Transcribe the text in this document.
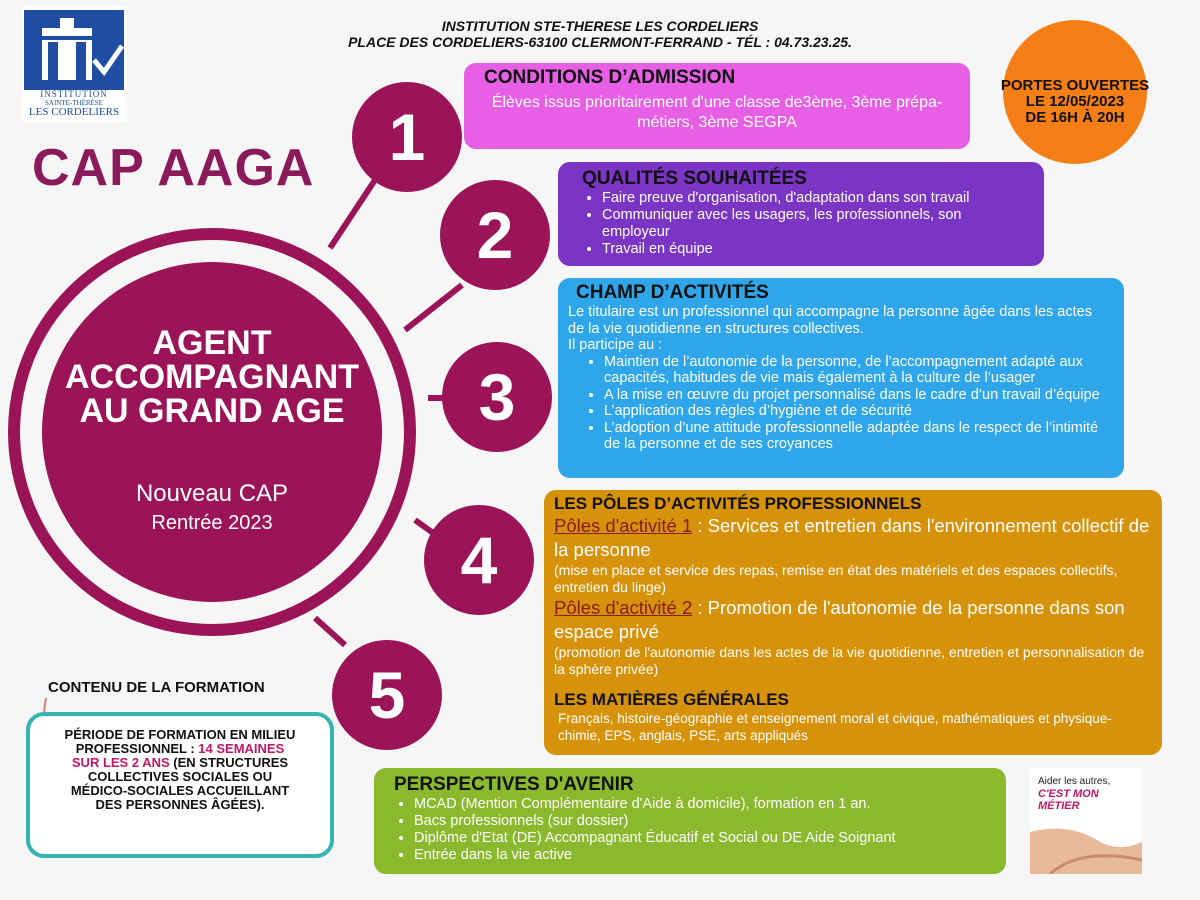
INSTITUTION STE-THERESE LES CORDELIERS
PLACE DES CORDELIERS-63100 CLERMONT-FERRAND - TÉL : 04.73.23.25.
INSTITUTION
SAINTE-THÉRÈSE
LES CORDELIERS
CAP AAGA
AGENT
ACCOMPAGNANT
AU GRAND AGE
Nouveau CAP
Rentrée 2023
1
2
3
4
5
CONDITIONS D’ADMISSION

Élèves issus prioritairement d'une classe de3ème, 3ème prépa-métiers, 3ème SEGPA

QUALITÉS SOUHAITÉES
• Faire preuve d'organisation, d'adaptation dans son travail
• Communiquer avec les usagers, les professionnels, son employeur
• Travail en équipe
CHAMP D’ACTIVITÉS

Le titulaire est un professionnel qui accompagne la personne âgée dans les actes de la vie quotidienne en structures collectives.

Il participe au :

• Maintien de l’autonomie de la personne, de l’accompagnement adapté aux capacités, habitudes de vie mais également à la culture de l’usager
• A la mise en œuvre du projet personnalisé dans le cadre d’un travail d’équipe
• L’application des règles d’hygiène et de sécurité
• L’adoption d’une attitude professionnelle adaptée dans le respect de l’intimité de la personne et de ses croyances
LES PÔLES D’ACTIVITÉS PROFESSIONNELS

Pôles d'activité 1 : Services et entretien dans l'environnement collectif de la personne

(mise en place et service des repas, remise en état des matériels et des espaces collectifs, entretien du linge)

Pôles d'activité 2 : Promotion de l'autonomie de la personne dans son espace privé

(promotion de l'autonomie dans les actes de la vie quotidienne, entretien et personnalisation de la sphère privée)

LES MATIÈRES GÉNÉRALES

Français, histoire-géographie et enseignement moral et civique, mathématiques et physique-chimie, EPS, anglais, PSE, arts appliqués

PERSPECTIVES D'AVENIR
• MCAD (Mention Complémentaire d'Aide à domicile), formation en 1 an.
• Bacs professionnels (sur dossier)
• Diplôme d'Etat (DE) Accompagnant Éducatif et Social ou DE Aide Soignant
• Entrée dans la vie active
PORTES OUVERTES
LE 12/05/2023
DE 16H À 20H
CONTENU DE LA FORMATION
PÉRIODE DE FORMATION EN MILIEU PROFESSIONNEL : 14 SEMAINES SUR LES 2 ANS (EN STRUCTURES COLLECTIVES SOCIALES OU MÉDICO-SOCIALES ACCUEILLANT DES PERSONNES ÂGÉES).
Aider les autres,
C'EST MON MÉTIER
